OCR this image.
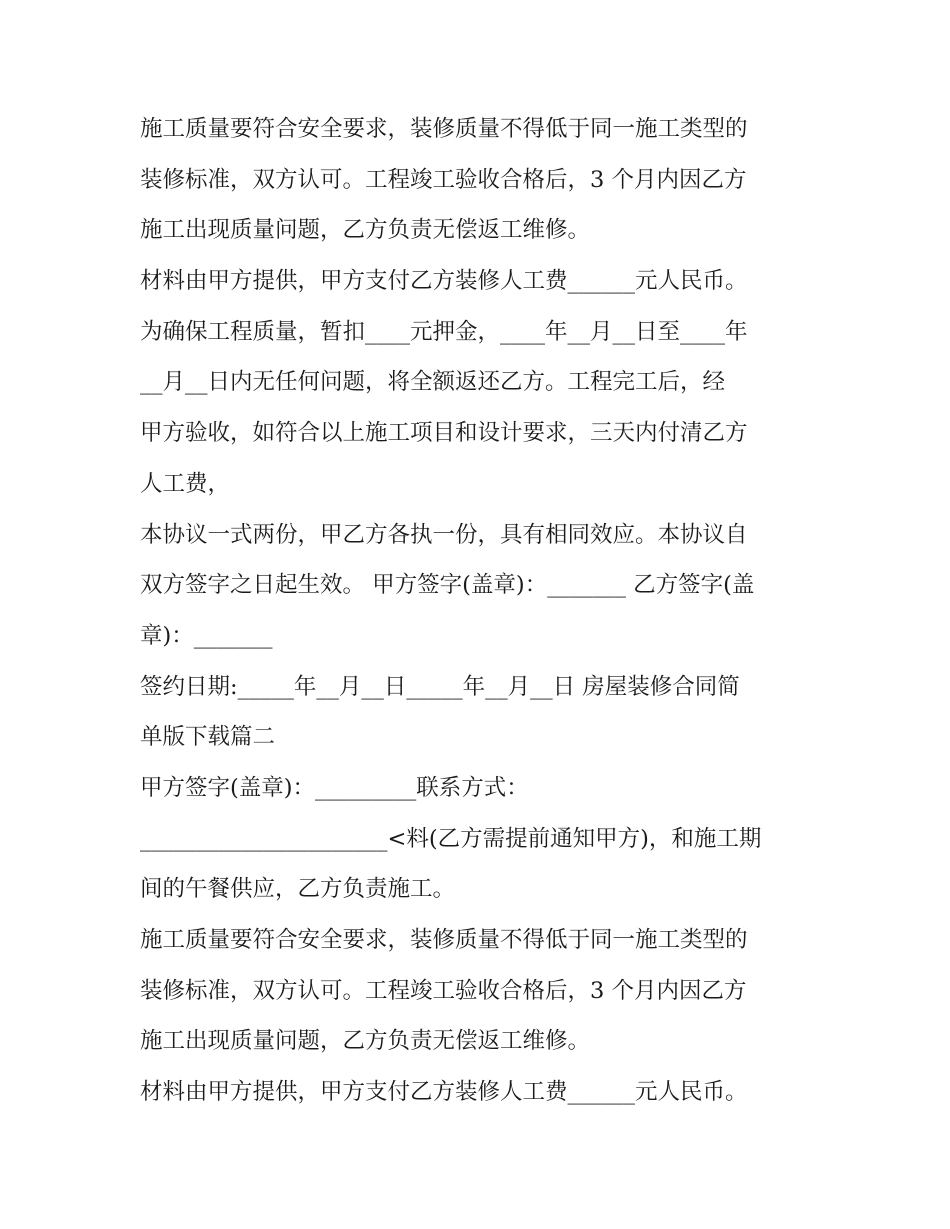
施工质量要符合安全要求，装修质量不得低于同一施工类型的
装修标准，双方认可。工程竣工验收合格后，3 个月内因乙方
施工出现质量问题，乙方负责无偿返工维修。
材料由甲方提供，甲方支付乙方装修人工费______元人民币。
为确保工程质量，暂扣____元押金，____年__月__日至____年
__月__日内无任何问题，将全额返还乙方。工程完工后，经
甲方验收，如符合以上施工项目和设计要求，三天内付清乙方
人工费，
本协议一式两份，甲乙方各执一份，具有相同效应。本协议自
双方签字之日起生效。 甲方签字(盖章)：_______ 乙方签字(盖
章)：_______
签约日期:_____年__月__日_____年__月__日 房屋装修合同简
单版下载篇二
甲方签字(盖章)：_________联系方式：
______________________<料(乙方需提前通知甲方)，和施工期
间的午餐供应，乙方负责施工。
施工质量要符合安全要求，装修质量不得低于同一施工类型的
装修标准，双方认可。工程竣工验收合格后，3 个月内因乙方
施工出现质量问题，乙方负责无偿返工维修。
材料由甲方提供，甲方支付乙方装修人工费______元人民币。
